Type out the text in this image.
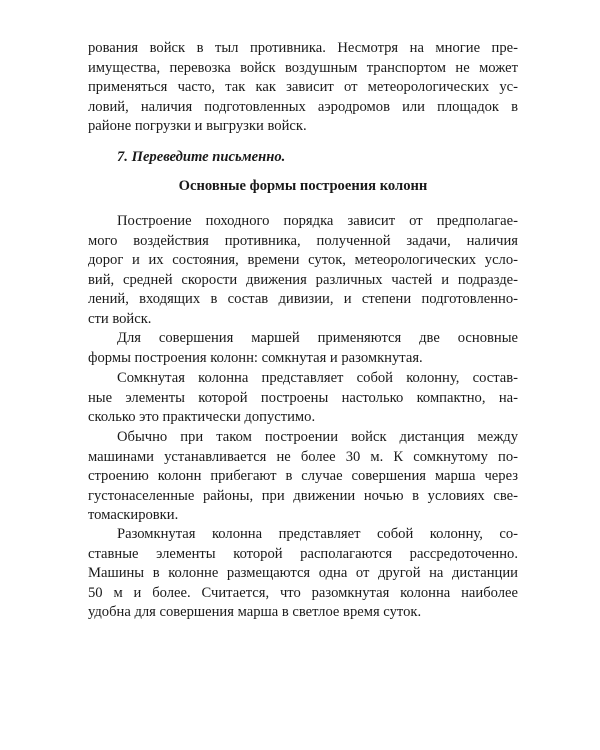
рования войск в тыл противника. Несмотря на многие пре-
имущества, перевозка войск воздушным транспортом не может
применяться часто, так как зависит от метеорологических ус-
ловий, наличия подготовленных аэродромов или площадок в
районе погрузки и выгрузки войск.
7. Переведите письменно.
Основные формы построения колонн
Построение походного порядка зависит от предполагае-
мого воздействия противника, полученной задачи, наличия
дорог и их состояния, времени суток, метеорологических усло-
вий, средней скорости движения различных частей и подразде-
лений, входящих в состав дивизии, и степени подготовленно-
сти войск.
Для совершения маршей применяются две основные
формы построения колонн: сомкнутая и разомкнутая.
Сомкнутая колонна представляет собой колонну, состав-
ные элементы которой построены настолько компактно, на-
сколько это практически допустимо.
Обычно при таком построении войск дистанция между
машинами устанавливается не более 30 м. К сомкнутому по-
строению колонн прибегают в случае совершения марша через
густонаселенные районы, при движении ночью в условиях све-
томаскировки.
Разомкнутая колонна представляет собой колонну, со-
ставные элементы которой располагаются рассредоточенно.
Машины в колонне размещаются одна от другой на дистанции
50 м и более. Считается, что разомкнутая колонна наиболее
удобна для совершения марша в светлое время суток.
